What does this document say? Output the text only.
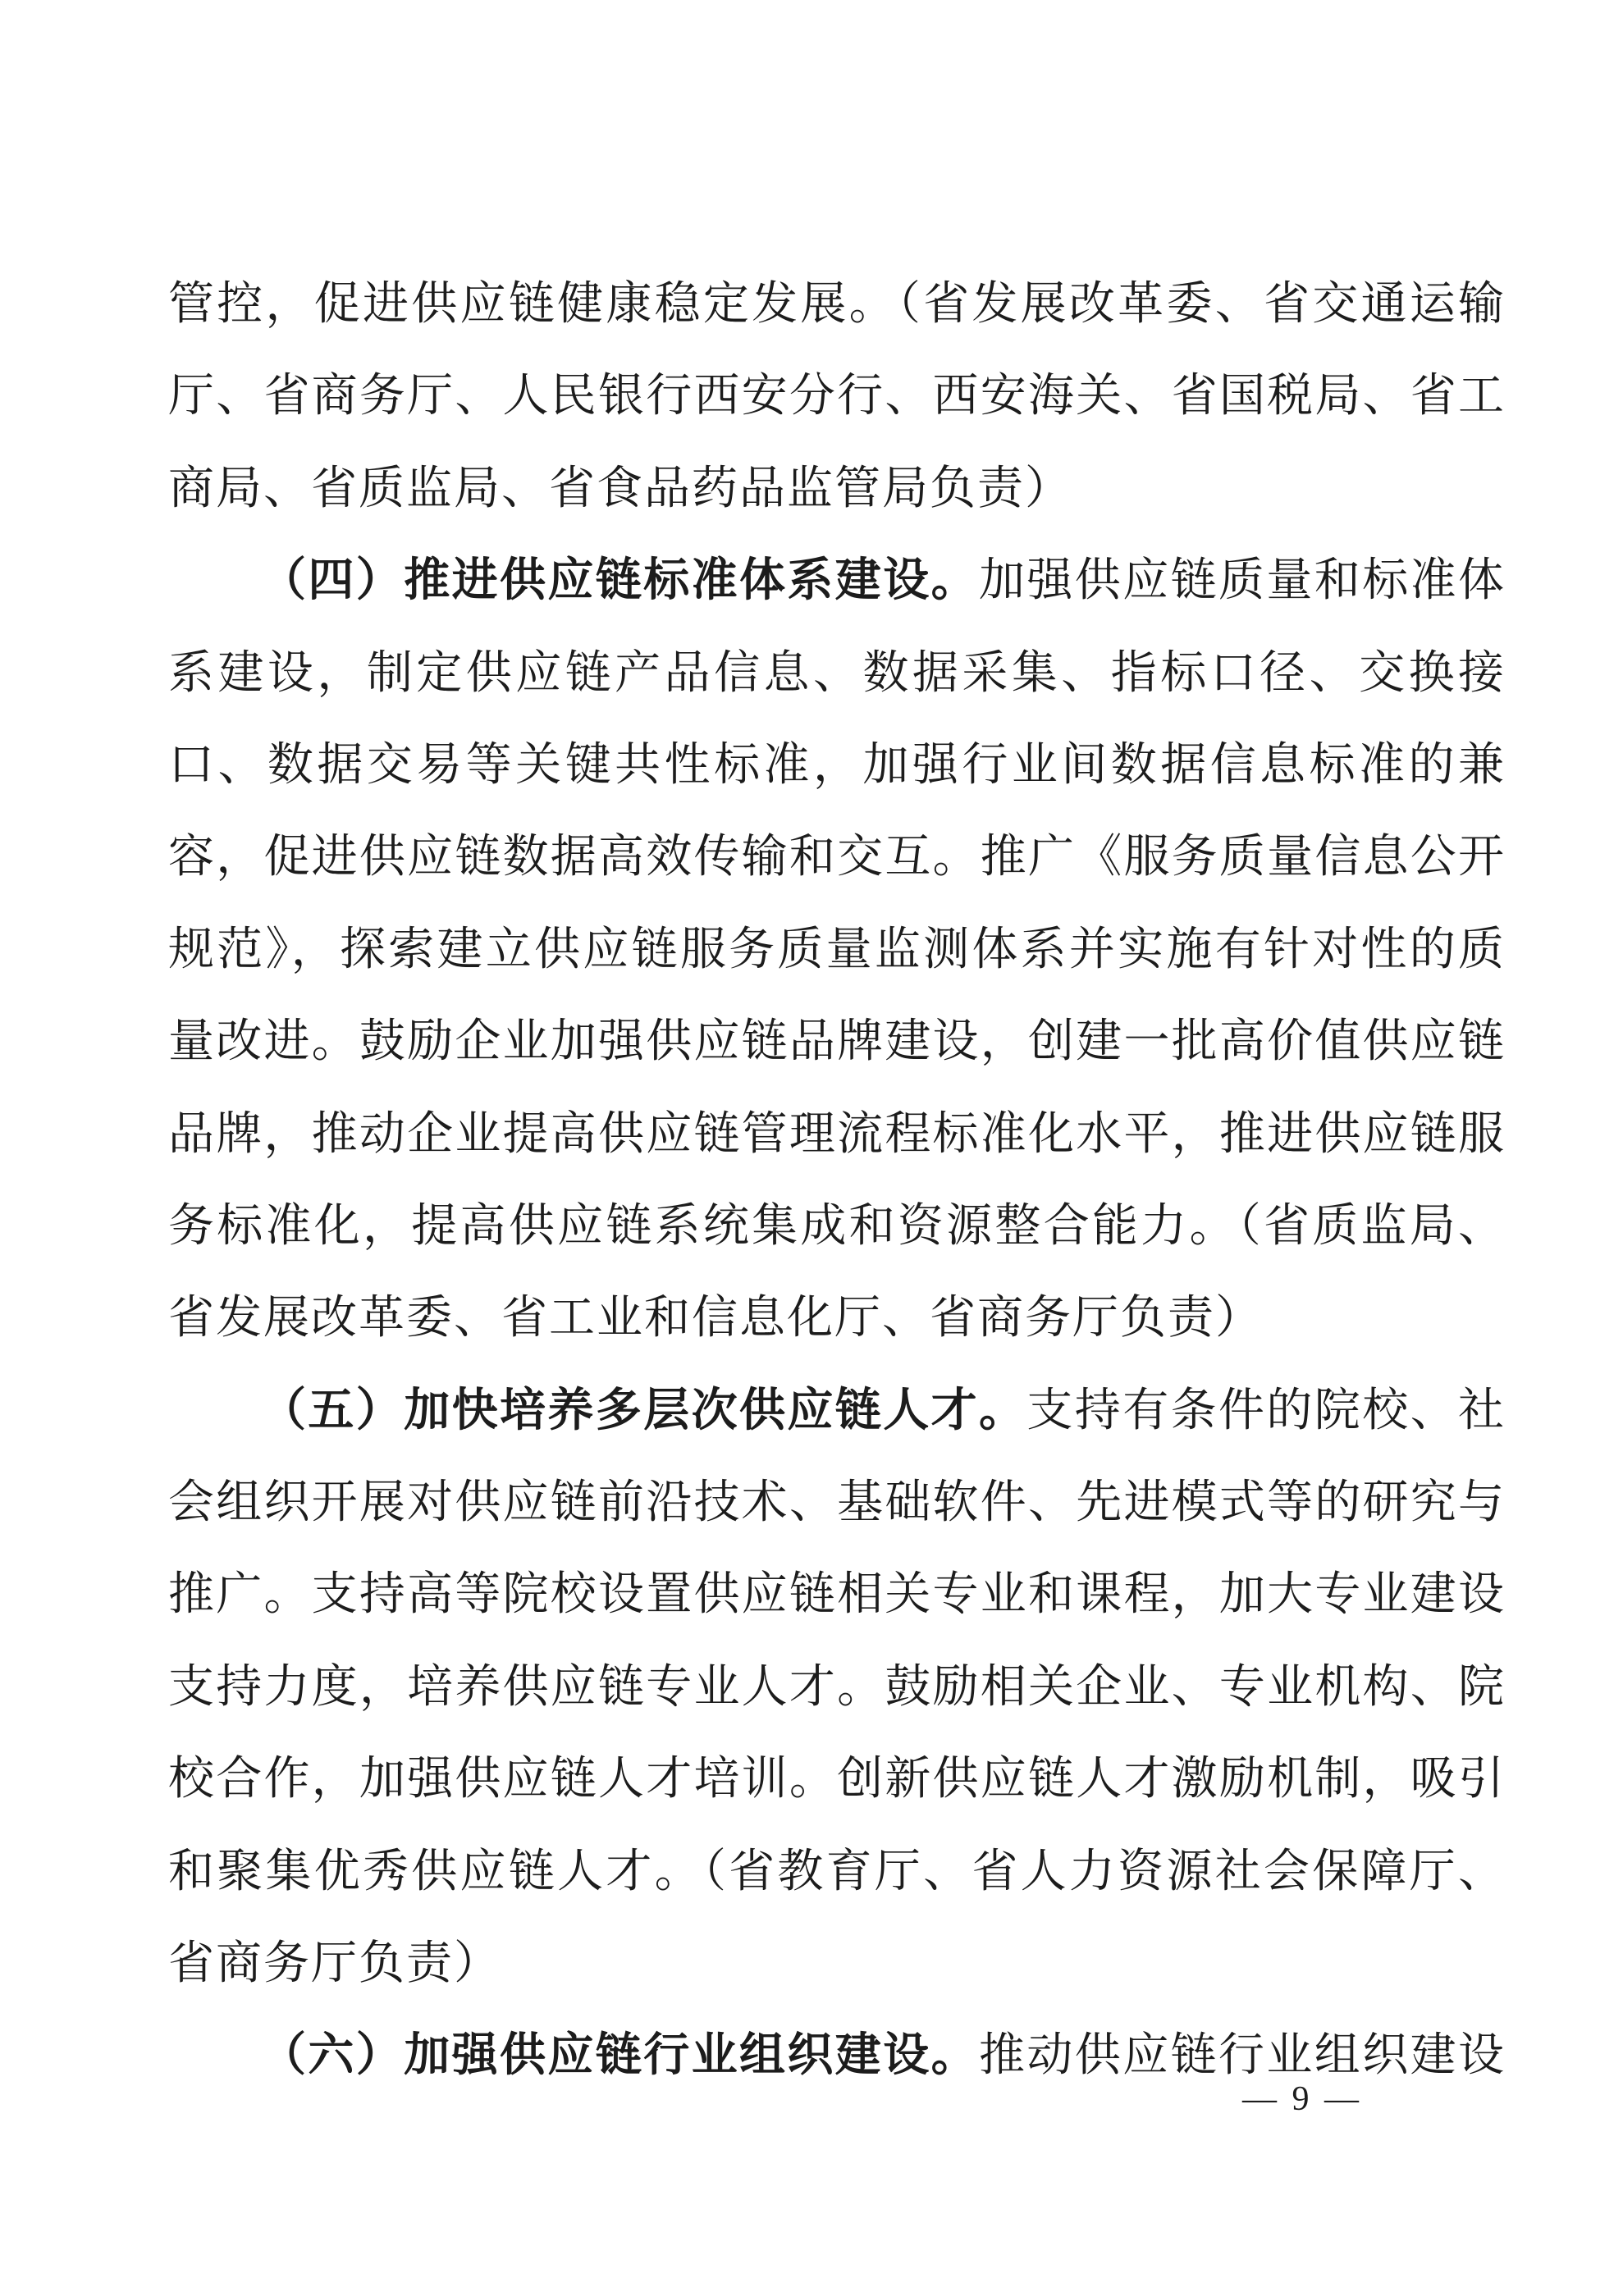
管控，促进供应链健康稳定发展。（省发展改革委、省交通运输
厅、省商务厅、人民银行西安分行、西安海关、省国税局、省工
商局、省质监局、省食品药品监管局负责）
（四）推进供应链标准体系建设。加强供应链质量和标准体
系建设，制定供应链产品信息、数据采集、指标口径、交换接
口、数据交易等关键共性标准，加强行业间数据信息标准的兼
容，促进供应链数据高效传输和交互。推广《服务质量信息公开
规范》，探索建立供应链服务质量监测体系并实施有针对性的质
量改进。鼓励企业加强供应链品牌建设，创建一批高价值供应链
品牌，推动企业提高供应链管理流程标准化水平，推进供应链服
务标准化，提高供应链系统集成和资源整合能力。（省质监局、
省发展改革委、省工业和信息化厅、省商务厅负责）
（五）加快培养多层次供应链人才。支持有条件的院校、社
会组织开展对供应链前沿技术、基础软件、先进模式等的研究与
推广。支持高等院校设置供应链相关专业和课程，加大专业建设
支持力度，培养供应链专业人才。鼓励相关企业、专业机构、院
校合作，加强供应链人才培训。创新供应链人才激励机制，吸引
和聚集优秀供应链人才。（省教育厅、省人力资源社会保障厅、
省商务厅负责）
（六）加强供应链行业组织建设。推动供应链行业组织建设
— 9 —
